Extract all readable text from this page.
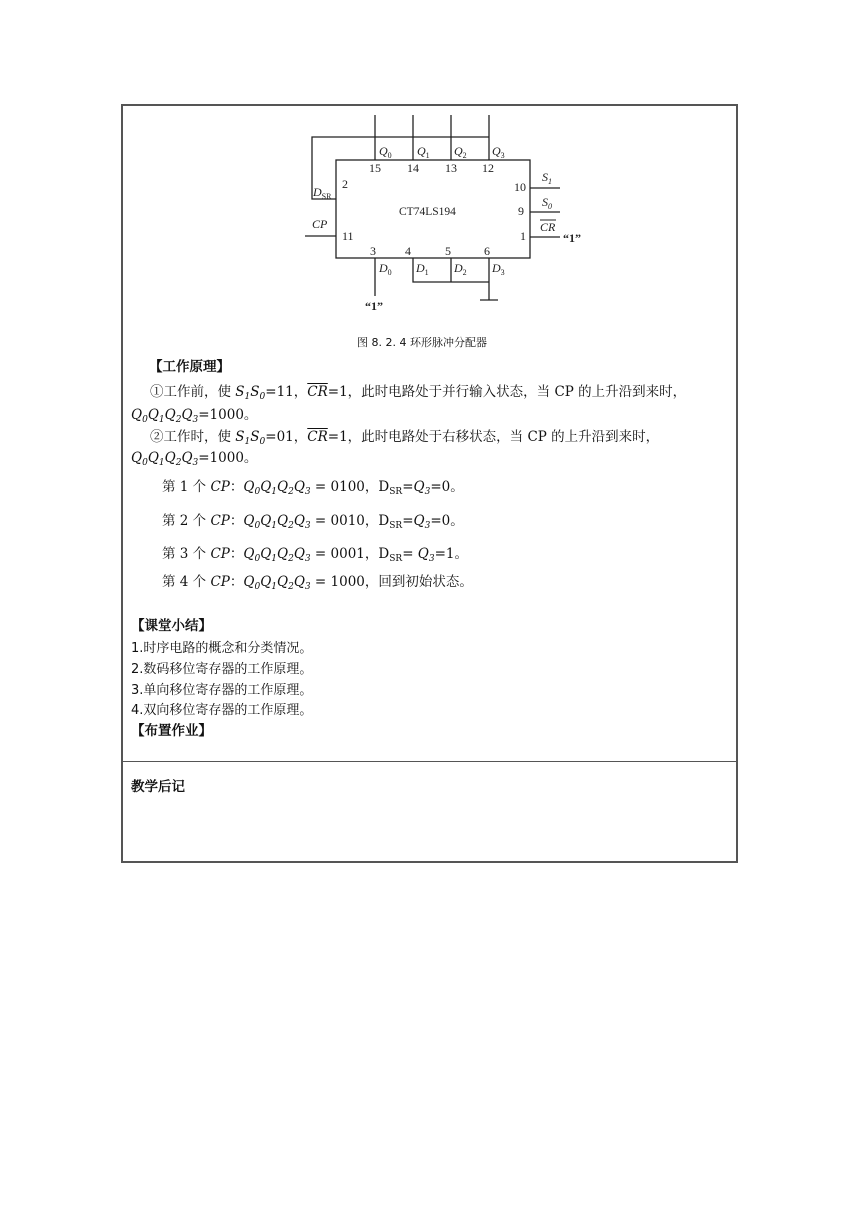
$Q_0$ $Q_1$ $Q_2$ $Q_3$
15 14 13 12
2
$D_{SR}$
11
CP
CT74LS194
10
9
1
$S_1$
$S_0$
CR
“1”
3 4	5	6
$D_0$ $D_1$ $D_2$ $D_3$
“1”
图 8. 2. 4 环形脉冲分配器
【工作原理】
①工作前，使 $S_1S_0=11$，$\overline{CR}=1$，此时电路处于并行输入状态，当 CP 的上升沿到来时，
$Q_0Q_1Q_2Q_3=1000$。
②工作时，使 $S_1S_0=01$，$\overline{CR}=1$，此时电路处于右移状态，当 CP 的上升沿到来时，
$Q_0Q_1Q_2Q_3=1000$。
第 1 个 CP：$Q_0Q_1Q_2Q_3 = 0100$，$D_{SR}=Q_3=0$。
第 2 个 CP：$Q_0Q_1Q_2Q_3 = 0010$，$D_{SR}=Q_3=0$。
第 3 个 CP：$Q_0Q_1Q_2Q_3 = 0001$，$D_{SR}= Q_3=1$。
第 4 个 CP：$Q_0Q_1Q_2Q_3 = 1000$，回到初始状态。
【课堂小结】
1.时序电路的概念和分类情况。
2.数码移位寄存器的工作原理。
3.单向移位寄存器的工作原理。
4.双向移位寄存器的工作原理。
【布置作业】
教学后记
